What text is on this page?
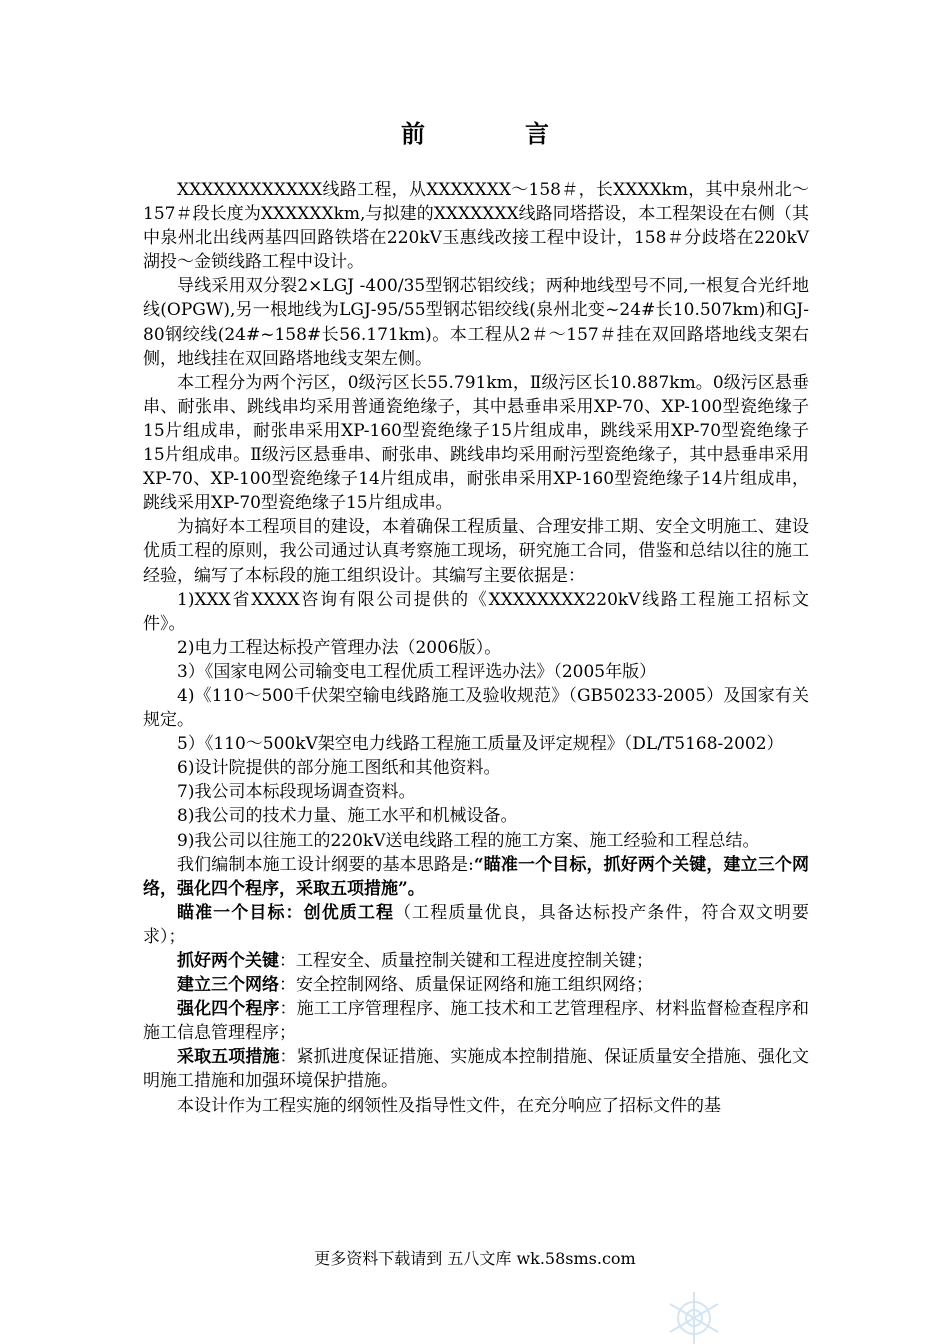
前　言

XXXXXXXXXXXX线路工程，从XXXXXXX～158＃，长XXXXkm，其中泉州北～157＃段长度为XXXXXXkm,与拟建的XXXXXXX线路同塔搭设，本工程架设在右侧（其中泉州北出线两基四回路铁塔在220kV玉惠线改接工程中设计，158＃分歧塔在220kV湖投～金锁线路工程中设计。

导线采用双分裂2×LGJ -400/35型钢芯铝绞线；两种地线型号不同,一根复合光纤地线(OPGW),另一根地线为LGJ-95/55型钢芯铝绞线(泉州北变~24#长10.507km)和GJ-80钢绞线(24#~158#长56.171km)。本工程从2＃～157＃挂在双回路塔地线支架右侧，地线挂在双回路塔地线支架左侧。

本工程分为两个污区，0级污区长55.791km，Ⅱ级污区长10.887km。0级污区悬垂串、耐张串、跳线串均采用普通瓷绝缘子，其中悬垂串采用XP-70、XP-100型瓷绝缘子15片组成串，耐张串采用XP-160型瓷绝缘子15片组成串，跳线采用XP-70型瓷绝缘子15片组成串。Ⅱ级污区悬垂串、耐张串、跳线串均采用耐污型瓷绝缘子，其中悬垂串采用XP-70、XP-100型瓷绝缘子14片组成串，耐张串采用XP-160型瓷绝缘子14片组成串，跳线采用XP-70型瓷绝缘子15片组成串。

为搞好本工程项目的建设，本着确保工程质量、合理安排工期、安全文明施工、建设优质工程的原则，我公司通过认真考察施工现场，研究施工合同，借鉴和总结以往的施工经验，编写了本标段的施工组织设计。其编写主要依据是：

1)XXX省XXXX咨询有限公司提供的《XXXXXXXX220kV线路工程施工招标文件》。

2)电力工程达标投产管理办法（2006版）。

3）《国家电网公司输变电工程优质工程评选办法》（2005年版）

4)《110～500千伏架空输电线路施工及验收规范》（GB50233-2005）及国家有关规定。

5）《110～500kV架空电力线路工程施工质量及评定规程》（DL/T5168-2002）

6)设计院提供的部分施工图纸和其他资料。

7)我公司本标段现场调查资料。

8)我公司的技术力量、施工水平和机械设备。

9)我公司以往施工的220kV送电线路工程的施工方案、施工经验和工程总结。

我们编制本施工设计纲要的基本思路是:“瞄准一个目标，抓好两个关键，建立三个网络，强化四个程序，采取五项措施”。

瞄准一个目标：创优质工程（工程质量优良，具备达标投产条件，符合双文明要求）；

抓好两个关键：工程安全、质量控制关键和工程进度控制关键；

建立三个网络：安全控制网络、质量保证网络和施工组织网络；

强化四个程序：施工工序管理程序、施工技术和工艺管理程序、材料监督检查程序和施工信息管理程序；

采取五项措施：紧抓进度保证措施、实施成本控制措施、保证质量安全措施、强化文明施工措施和加强环境保护措施。

本设计作为工程实施的纲领性及指导性文件，在充分响应了招标文件的基

更多资料下载请到 五八文库 wk.58sms.com
